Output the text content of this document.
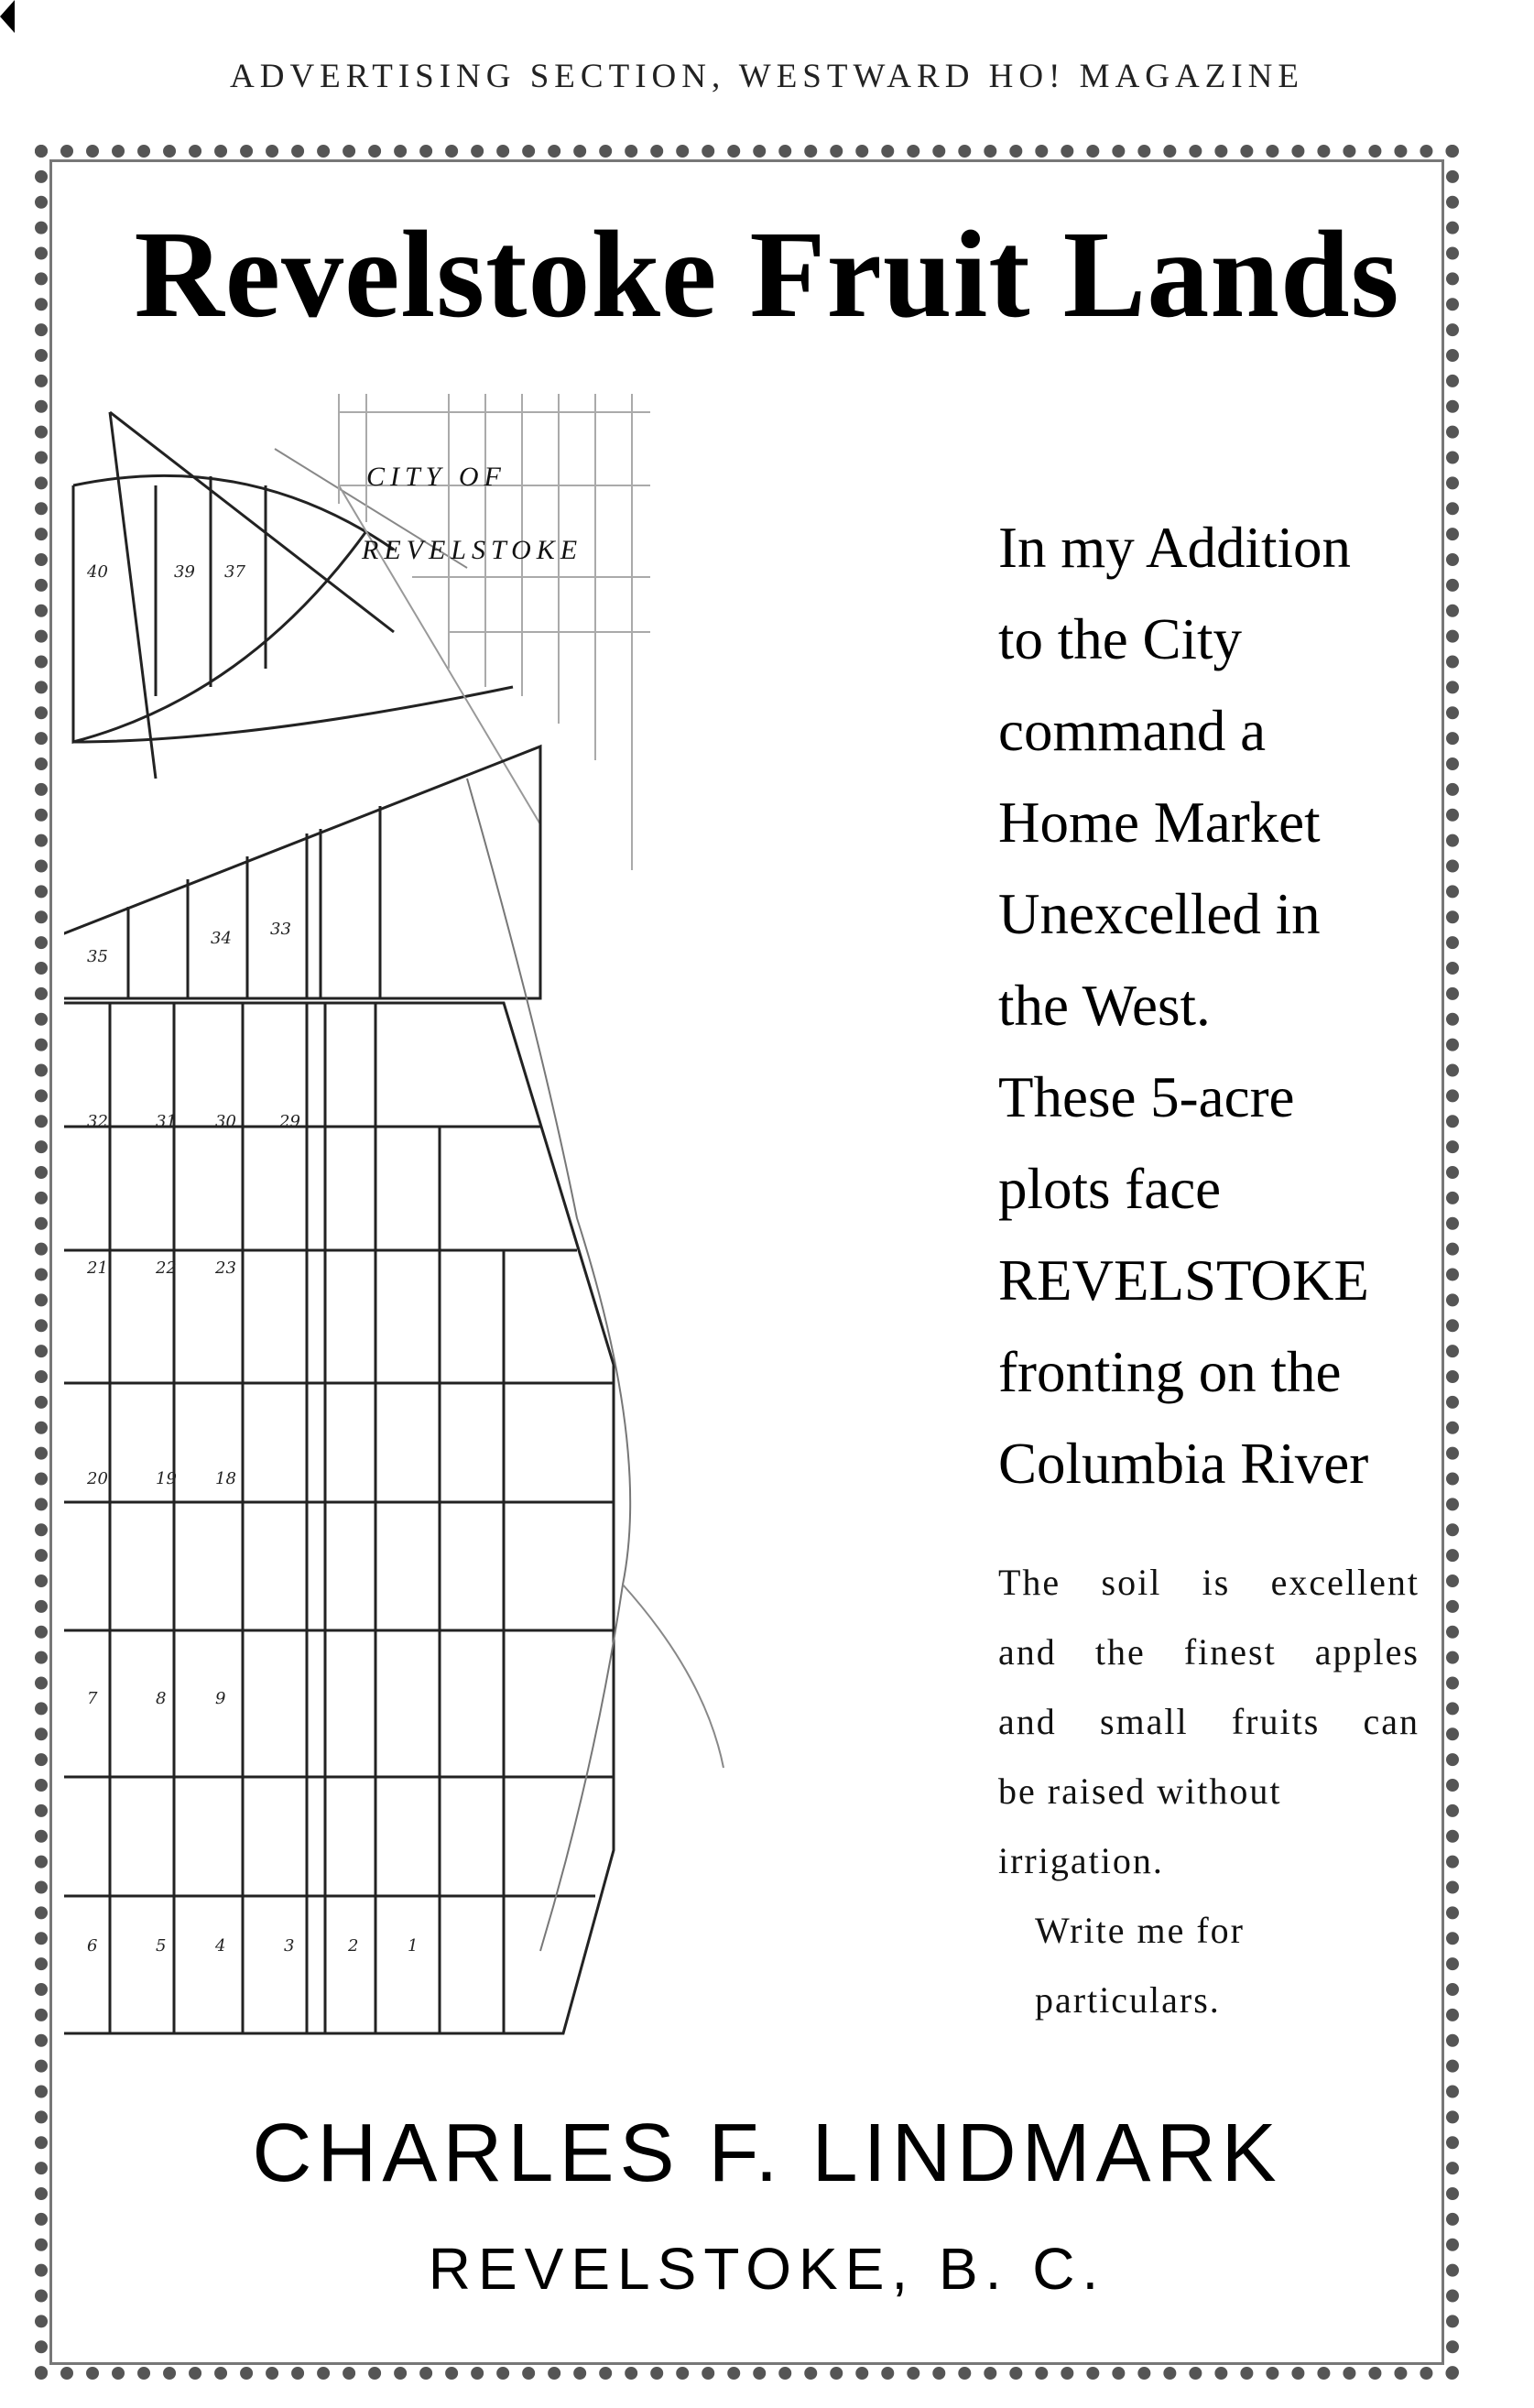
ADVERTISING SECTION, WESTWARD HO! MAGAZINE
Revelstoke Fruit Lands
CITY OF
REVELSTOKE
40	39 37
35
34 33
32	31 30	29
21	22 23
20	19 18
7	8	9
6	5	4	3	2	1
In my Addition
to the City
command a
Home Market
Unexcelled in
the West.
These 5-acre
plots face
REVELSTOKE
fronting on the
Columbia River
The soil is excellent
and the finest apples
and small fruits can
be raised without
irrigation.
Write me for
particulars.
CHARLES F. LINDMARK
REVELSTOKE, B. C.
